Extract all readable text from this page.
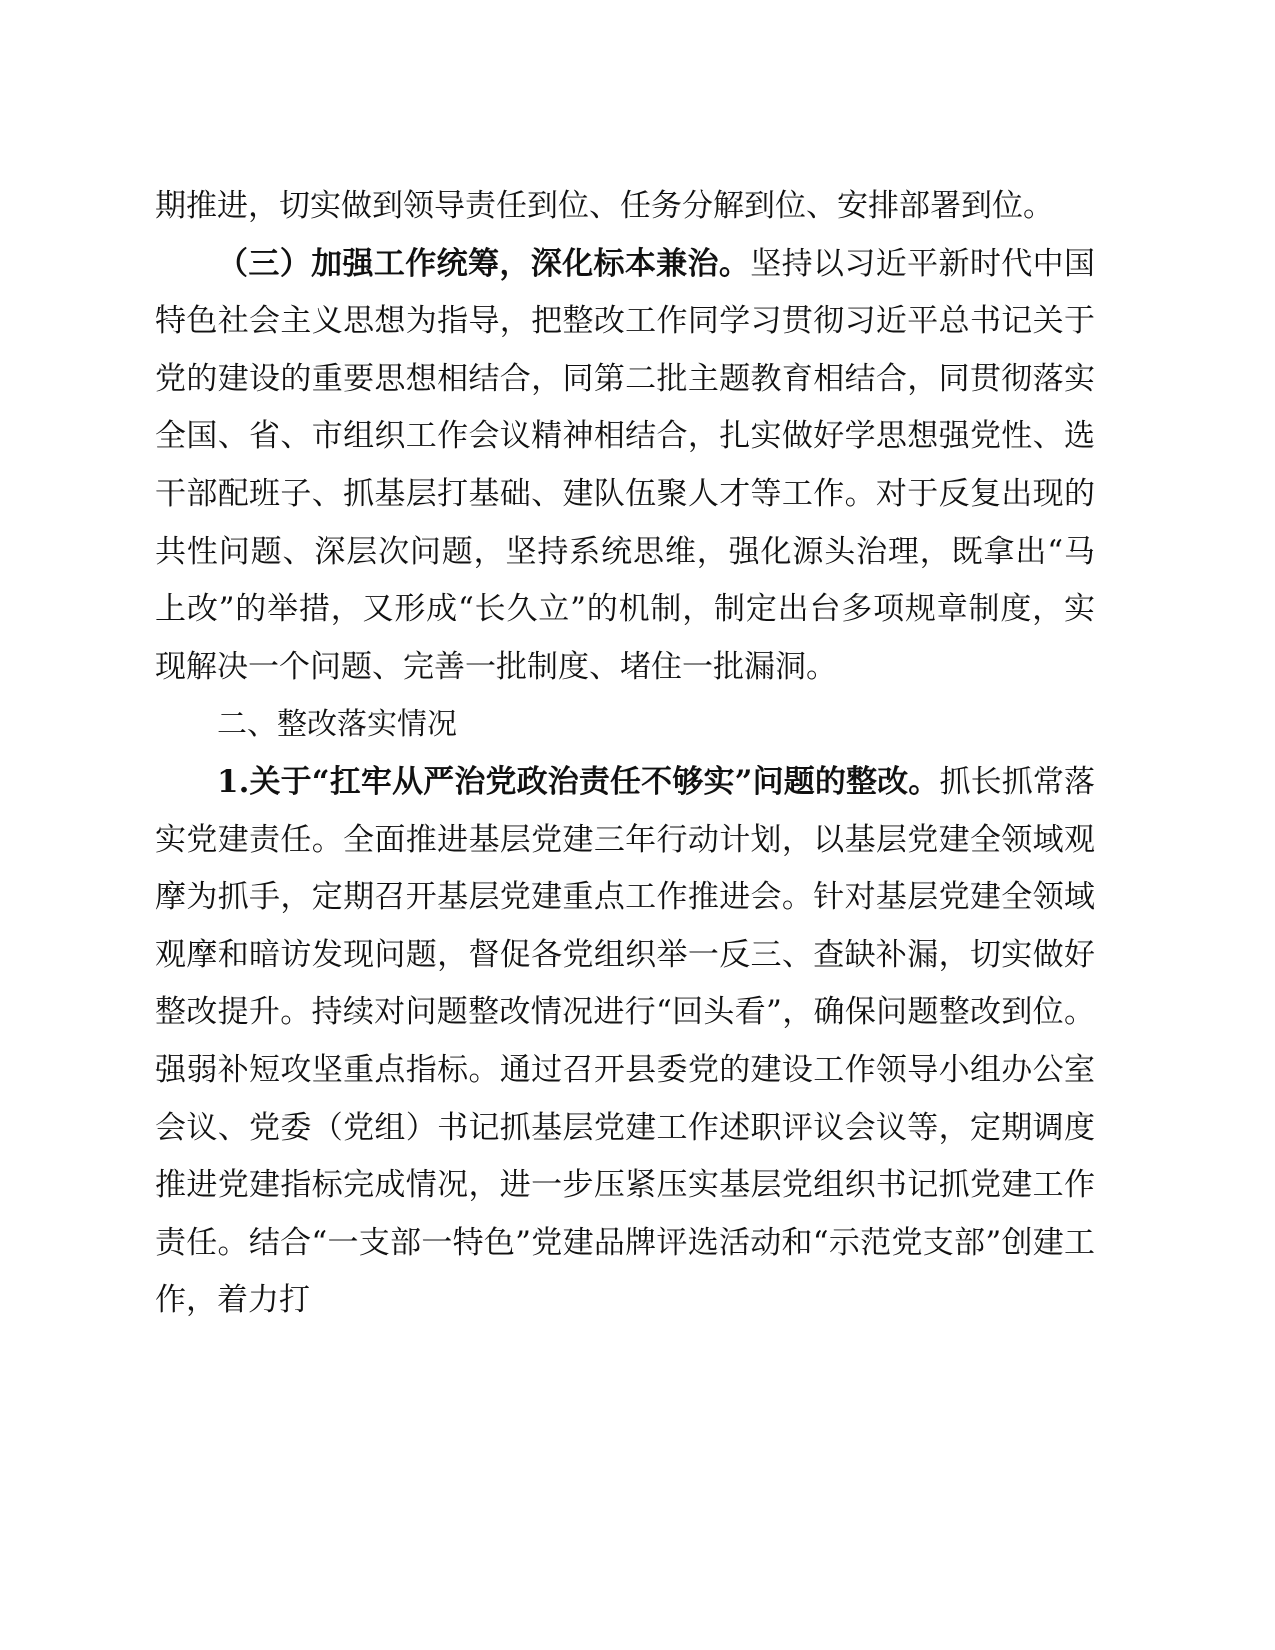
期推进，切实做到领导责任到位、任务分解到位、安排部署到位。

（三）加强工作统筹，深化标本兼治。坚持以习近平新时代中国特色社会主义思想为指导，把整改工作同学习贯彻习近平总书记关于党的建设的重要思想相结合，同第二批主题教育相结合，同贯彻落实全国、省、市组织工作会议精神相结合，扎实做好学思想强党性、选干部配班子、抓基层打基础、建队伍聚人才等工作。对于反复出现的共性问题、深层次问题，坚持系统思维，强化源头治理，既拿出“马上改”的举措，又形成“长久立”的机制，制定出台多项规章制度，实现解决一个问题、完善一批制度、堵住一批漏洞。

二、整改落实情况

1.关于“扛牢从严治党政治责任不够实”问题的整改。抓长抓常落实党建责任。全面推进基层党建三年行动计划，以基层党建全领域观摩为抓手，定期召开基层党建重点工作推进会。针对基层党建全领域观摩和暗访发现问题，督促各党组织举一反三、查缺补漏，切实做好整改提升。持续对问题整改情况进行“回头看”，确保问题整改到位。强弱补短攻坚重点指标。通过召开县委党的建设工作领导小组办公室会议、党委（党组）书记抓基层党建工作述职评议会议等，定期调度推进党建指标完成情况，进一步压紧压实基层党组织书记抓党建工作责任。结合“一支部一特色”党建品牌评选活动和“示范党支部”创建工作，着力打
